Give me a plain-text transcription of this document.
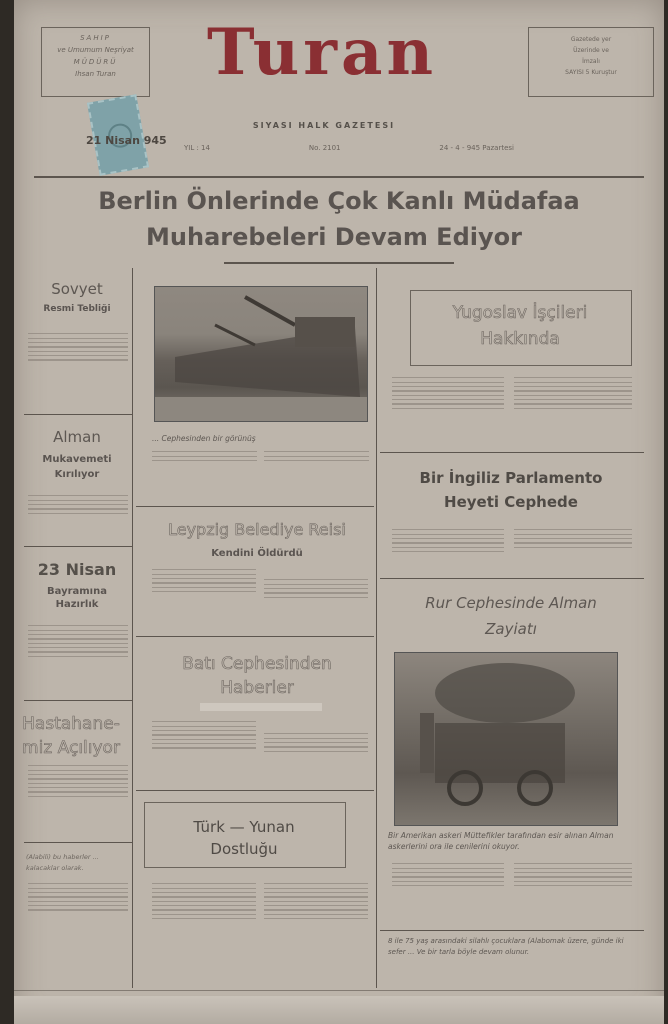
SAHIP
ve Umumum Neşriyat
MÜDÜRÜ
Ihsan Turan	Turan	Gazetede yer
Üzerinde ve
İmzalı
SAYISI 5 Kuruştur
21 Nisan 945
SIYASI HALK GAZETESI
YIL : 14	No. 2101	24 - 4 - 945 Pazartesi
Berlin Önlerinde Çok Kanlı Müdafaa
Muharebeleri Devam Ediyor
Sovyet
Resmi Tebliği
Alman
Mukavemeti
Kırılıyor
23 Nisan
Bayramına
Hazırlık
Hastahane-
miz Açılıyor
(Alabili) bu haberler ... kalacaklar olarak.
... Cephesinden bir görünüş
Leypzig Belediye Reisi
Kendini Öldürdü
Batı Cephesinden
Haberler
Türk — Yunan
Dostluğu
Yugoslav İşçileri
Hakkında
Bir İngiliz Parlamento
Heyeti Cephede
Rur Cephesinde Alman
Zayiatı
Bir Amerikan askeri Müttefikler tarafından esir alınan Alman askerlerini ora ile cenilerini okuyor.
8 ile 75 yaş arasındaki silahlı çocuklara (Alabomak üzere, günde iki sefer ... Ve bir tarla böyle devam olunur.
